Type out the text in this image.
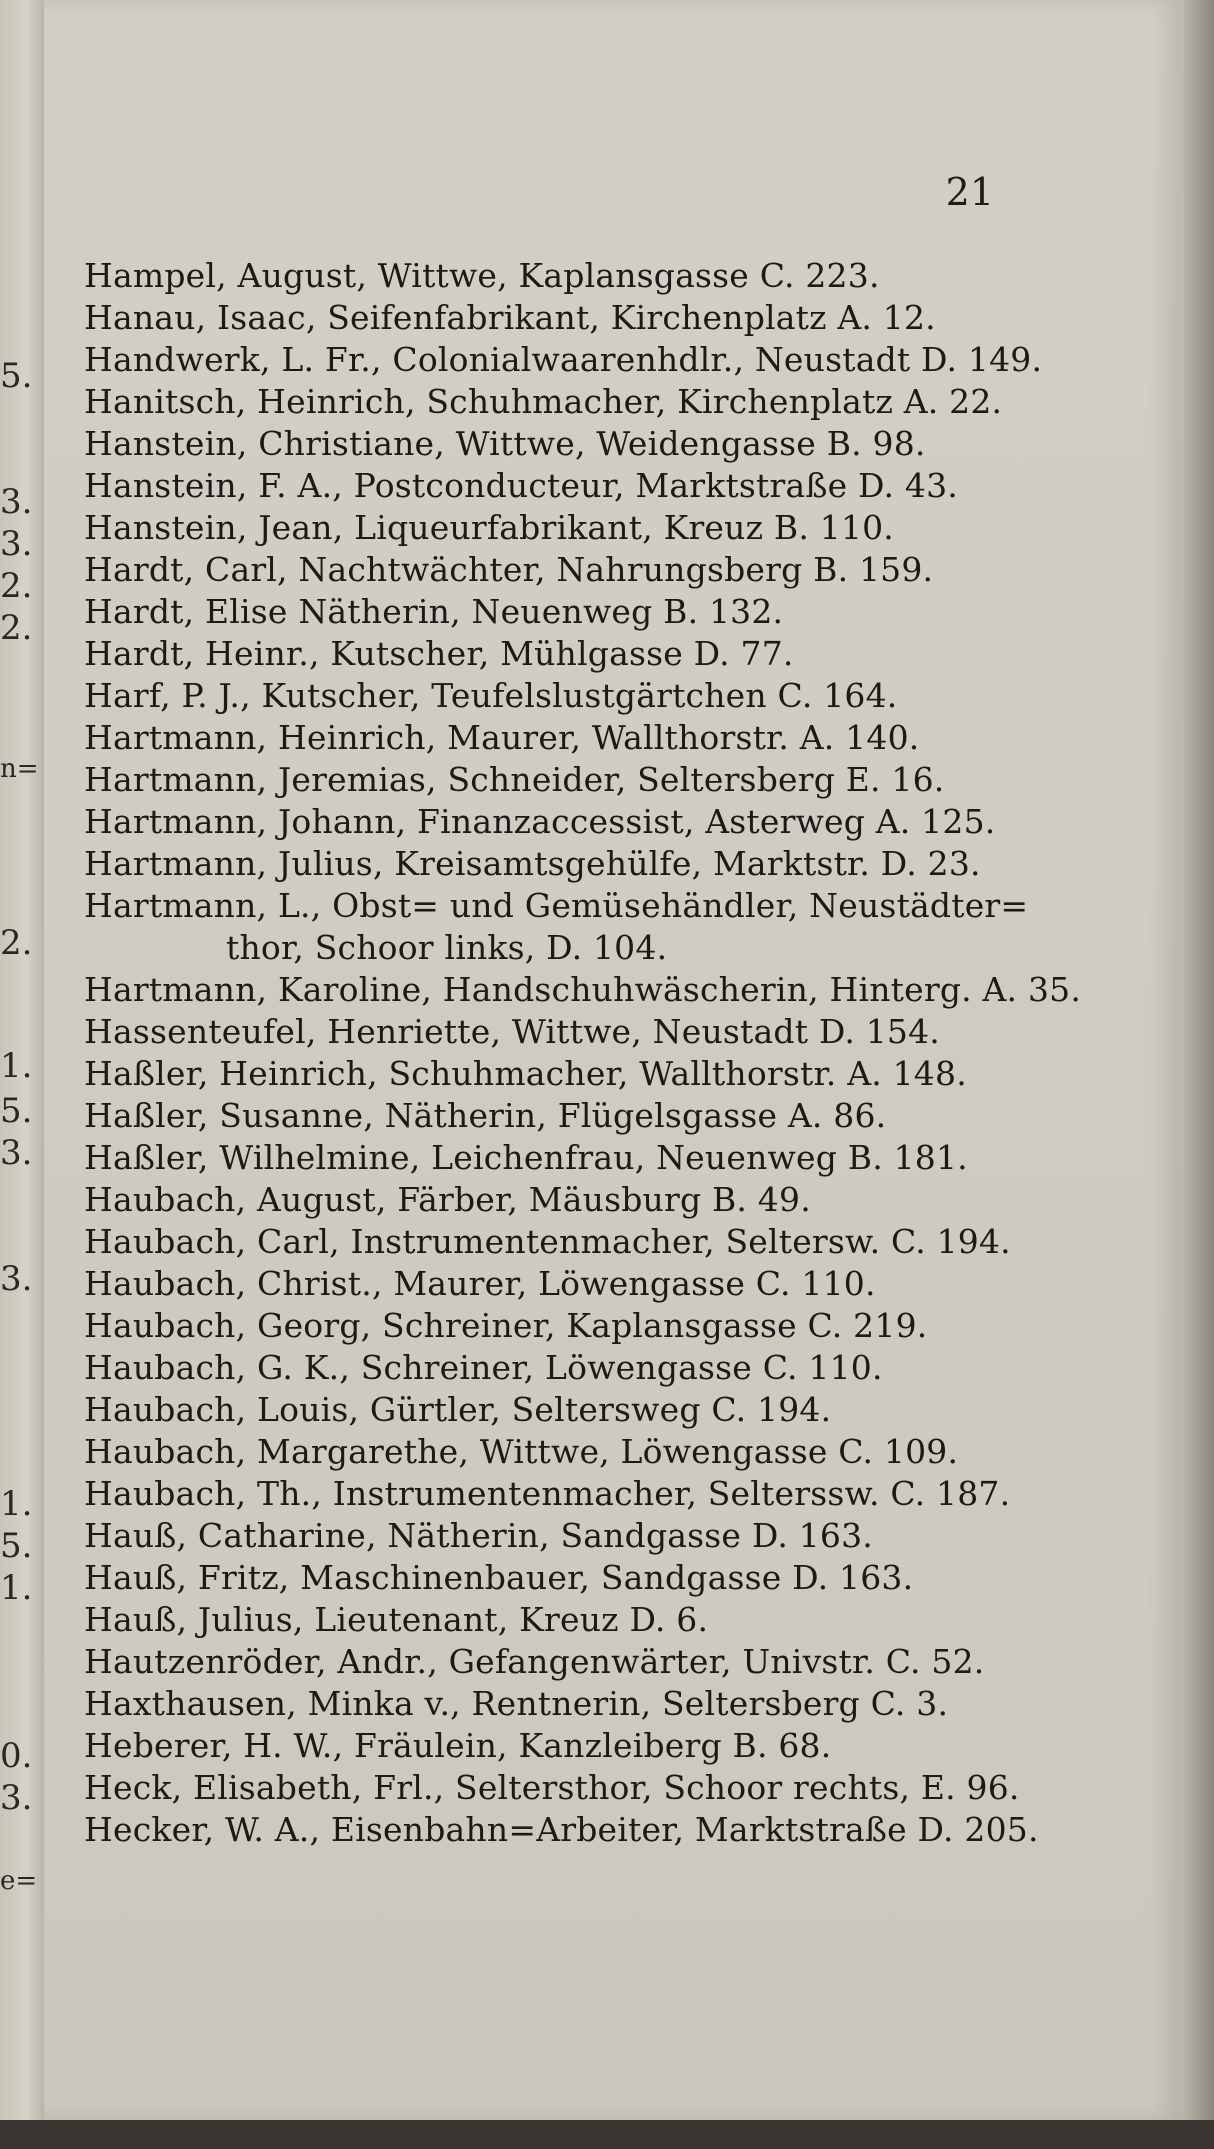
5.
3.
3.
2.
2.
n=
2.
1.
5.
3.
3.
1.
5.
1.
0.
3.
e=
21
Hampel, August, Wittwe, Kaplansgasse C. 223.
Hanau, Isaac, Seifenfabrikant, Kirchenplatz A. 12.
Handwerk, L. Fr., Colonialwaarenhdlr., Neustadt D. 149.
Hanitsch, Heinrich, Schuhmacher, Kirchenplatz A. 22.
Hanstein, Christiane, Wittwe, Weidengasse B. 98.
Hanstein, F. A., Postconducteur, Marktstraße D. 43.
Hanstein, Jean, Liqueurfabrikant, Kreuz B. 110.
Hardt, Carl, Nachtwächter, Nahrungsberg B. 159.
Hardt, Elise Nätherin, Neuenweg B. 132.
Hardt, Heinr., Kutscher, Mühlgasse D. 77.
Harf, P. J., Kutscher, Teufelslustgärtchen C. 164.
Hartmann, Heinrich, Maurer, Wallthorstr. A. 140.
Hartmann, Jeremias, Schneider, Seltersberg E. 16.
Hartmann, Johann, Finanzaccessist, Asterweg A. 125.
Hartmann, Julius, Kreisamtsgehülfe, Marktstr. D. 23.
Hartmann, L., Obst= und Gemüsehändler, Neustädter=
thor, Schoor links, D. 104.
Hartmann, Karoline, Handschuhwäscherin, Hinterg. A. 35.
Hassenteufel, Henriette, Wittwe, Neustadt D. 154.
Haßler, Heinrich, Schuhmacher, Wallthorstr. A. 148.
Haßler, Susanne, Nätherin, Flügelsgasse A. 86.
Haßler, Wilhelmine, Leichenfrau, Neuenweg B. 181.
Haubach, August, Färber, Mäusburg B. 49.
Haubach, Carl, Instrumentenmacher, Seltersw. C. 194.
Haubach, Christ., Maurer, Löwengasse C. 110.
Haubach, Georg, Schreiner, Kaplansgasse C. 219.
Haubach, G. K., Schreiner, Löwengasse C. 110.
Haubach, Louis, Gürtler, Seltersweg C. 194.
Haubach, Margarethe, Wittwe, Löwengasse C. 109.
Haubach, Th., Instrumentenmacher, Selterssw. C. 187.
Hauß, Catharine, Nätherin, Sandgasse D. 163.
Hauß, Fritz, Maschinenbauer, Sandgasse D. 163.
Hauß, Julius, Lieutenant, Kreuz D. 6.
Hautzenröder, Andr., Gefangenwärter, Univstr. C. 52.
Haxthausen, Minka v., Rentnerin, Seltersberg C. 3.
Heberer, H. W., Fräulein, Kanzleiberg B. 68.
Heck, Elisabeth, Frl., Seltersthor, Schoor rechts, E. 96.
Hecker, W. A., Eisenbahn=Arbeiter, Marktstraße D. 205.
